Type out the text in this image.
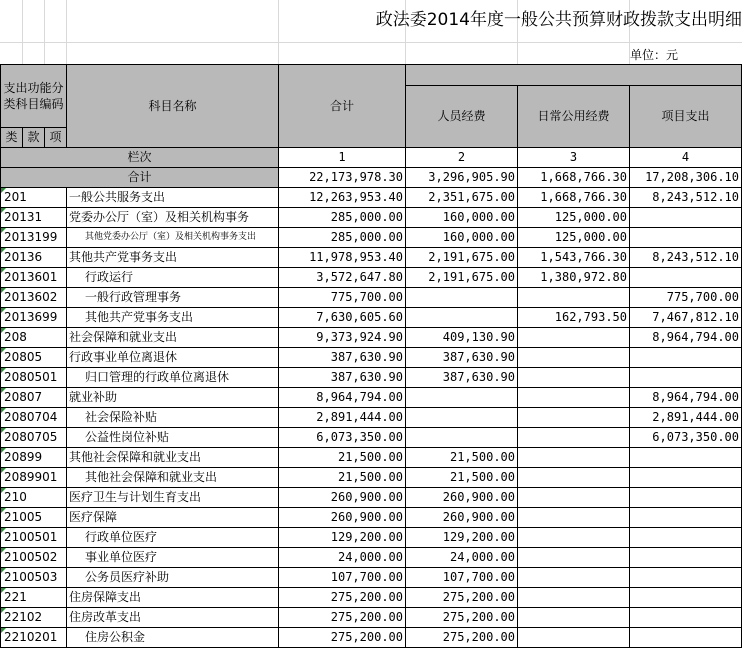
政法委2014年度一般公共预算财政拨款支出明细
单位：元
支出功能分类科目编码			科目名称	合计			
					人员经费	日常公用经费	项目支出

类	款	项					
栏次				1	2	3	4
合计				22,173,978.30	3,296,905.90	1,668,766.30	17,208,306.10
201			一般公共服务支出	12,263,953.40	2,351,675.00	1,668,766.30	8,243,512.10
20131			党委办公厅（室）及相关机构事务	285,000.00	160,000.00	125,000.00	
2013199			其他党委办公厅（室）及相关机构事务支出	285,000.00	160,000.00	125,000.00	
20136			其他共产党事务支出	11,978,953.40	2,191,675.00	1,543,766.30	8,243,512.10
2013601			行政运行	3,572,647.80	2,191,675.00	1,380,972.80	
2013602			一般行政管理事务	775,700.00			775,700.00
2013699			其他共产党事务支出	7,630,605.60		162,793.50	7,467,812.10
208			社会保障和就业支出	9,373,924.90	409,130.90		8,964,794.00
20805			行政事业单位离退休	387,630.90	387,630.90		
2080501			归口管理的行政单位离退休	387,630.90	387,630.90		
20807			就业补助	8,964,794.00			8,964,794.00
2080704			社会保险补贴	2,891,444.00			2,891,444.00
2080705			公益性岗位补贴	6,073,350.00			6,073,350.00
20899			其他社会保障和就业支出	21,500.00	21,500.00		
2089901			其他社会保障和就业支出	21,500.00	21,500.00		
210			医疗卫生与计划生育支出	260,900.00	260,900.00		
21005			医疗保障	260,900.00	260,900.00		
2100501			行政单位医疗	129,200.00	129,200.00		
2100502			事业单位医疗	24,000.00	24,000.00		
2100503			公务员医疗补助	107,700.00	107,700.00		
221			住房保障支出	275,200.00	275,200.00		
22102			住房改革支出	275,200.00	275,200.00		
2210201			住房公积金	275,200.00	275,200.00		
